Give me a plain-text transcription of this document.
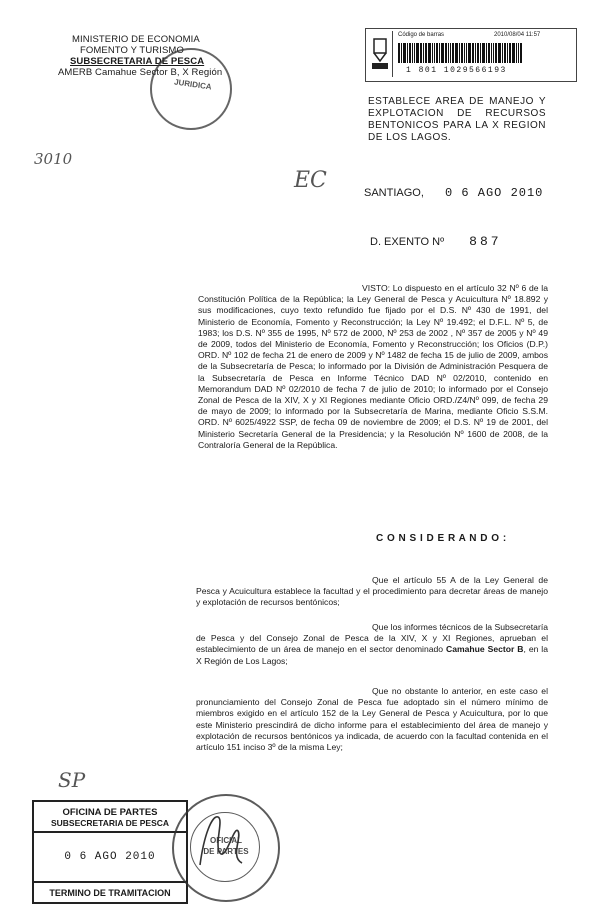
MINISTERIO DE ECONOMIA
FOMENTO Y TURISMO
SUBSECRETARIA DE PESCA
AMERB Camahue Sector B, X Región
JURIDICA
Código de barras	2010/08/04 11:57
1 801 1029566193
ESTABLECE AREA DE MANEJO Y EXPLOTACION DE RECURSOS BENTONICOS PARA LA X REGION DE LOS LAGOS.
3010
EC
SP
SANTIAGO, 0 6 AGO 2010
D. EXENTO Nº 887
VISTO: Lo dispuesto en el artículo 32 Nº 6 de la Constitución Política de la República; la Ley General de Pesca y Acuicultura Nº 18.892 y sus modificaciones, cuyo texto refundido fue fijado por el D.S. Nº 430 de 1991, del Ministerio de Economía, Fomento y Reconstrucción; la Ley Nº 19.492; el D.F.L. Nº 5, de 1983; los D.S. Nº 355 de 1995, Nº 572 de 2000, Nº 253 de 2002 , Nº 357 de 2005 y Nº 49 de 2009, todos del Ministerio de Economía, Fomento y Reconstrucción; los Oficios (D.P.) ORD. Nº 102 de fecha 21 de enero de 2009 y Nº 1482 de fecha 15 de julio de 2009, ambos de la Subsecretaría de Pesca; lo informado por la División de Administración Pesquera de la Subsecretaría de Pesca en Informe Técnico DAD Nº 02/2010, contenido en Memorandum DAD Nº 02/2010 de fecha 7 de julio de 2010; lo informado por el Consejo Zonal de Pesca de la XIV, X y XI Regiones mediante Oficio ORD./Z4/Nº 099, de fecha 29 de mayo de 2009; lo informado por la Subsecretaría de Marina, mediante Oficio S.S.M. ORD. Nº 6025/4922 SSP, de fecha 09 de noviembre de 2009; el D.S. Nº 19 de 2001, del Ministerio Secretaría General de la Presidencia; y la Resolución Nº 1600 de 2008, de la Contraloría General de la República.
C O N S I D E R A N D O :
Que el artículo 55 A de la Ley General de Pesca y Acuicultura establece la facultad y el procedimiento para decretar áreas de manejo y explotación de recursos bentónicos;
Que los informes técnicos de la Subsecretaría de Pesca y del Consejo Zonal de Pesca de la XIV, X y XI Regiones, aprueban el establecimiento de un área de manejo en el sector denominado Camahue Sector B, en la X Región de Los Lagos;
Que no obstante lo anterior, en este caso el pronunciamiento del Consejo Zonal de Pesca fue adoptado sin el número mínimo de miembros exigido en el artículo 152 de la Ley General de Pesca y Acuicultura, por lo que este Ministerio prescindirá de dicho informe para el establecimiento del área de manejo y explotación de recursos bentónicos ya indicada, de acuerdo con la facultad contenida en el artículo 151 inciso 3º de la misma Ley;
OFICINA DE PARTES
SUBSECRETARIA DE PESCA
0 6 AGO 2010
TERMINO DE TRAMITACION
OFICIAL
DE PARTES
